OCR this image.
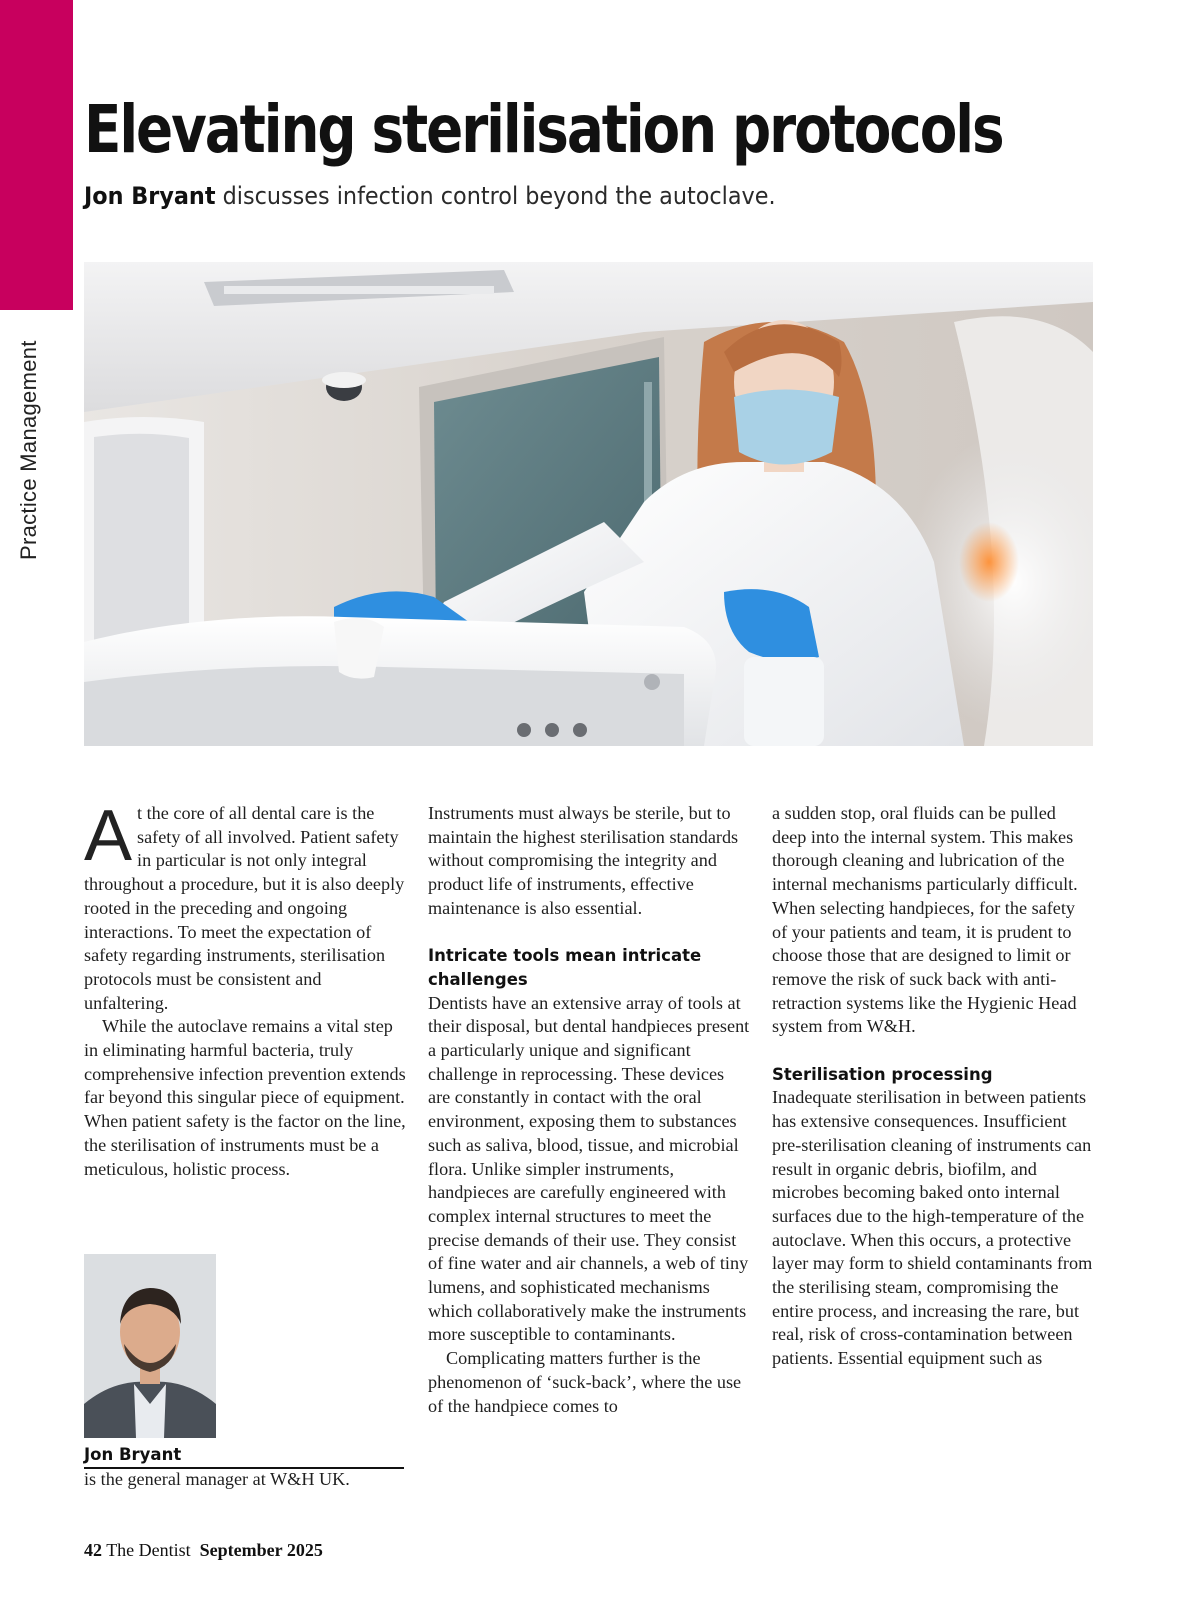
Practice Management
Elevating sterilisation protocols
Jon Bryant discusses infection control beyond the autoclave.

At the core of all dental care is the safety of all involved. Patient safety in particular is not only integral throughout a procedure, but it is also deeply rooted in the preceding and ongoing interactions. To meet the expectation of safety regarding instruments, sterilisation protocols must be consistent and unfaltering.

While the autoclave remains a vital step in eliminating harmful bacteria, truly comprehensive infection prevention extends far beyond this singular piece of equipment. When patient safety is the factor on the line, the sterilisation of instruments must be a meticulous, holistic process.

Instruments must always be sterile, but to maintain the highest sterilisation standards without compromising the integrity and product life of instruments, effective maintenance is also essential.

Intricate tools mean intricate challenges

Dentists have an extensive array of tools at their disposal, but dental handpieces present a particularly unique and significant challenge in reprocessing. These devices are constantly in contact with the oral environment, exposing them to substances such as saliva, blood, tissue, and microbial flora. Unlike simpler instruments, handpieces are carefully engineered with complex internal structures to meet the precise demands of their use. They consist of fine water and air channels, a web of tiny lumens, and sophisticated mechanisms which collaboratively make the instruments more susceptible to contaminants.

Complicating matters further is the phenomenon of ‘suck-back’, where the use of the handpiece comes to

a sudden stop, oral fluids can be pulled deep into the internal system. This makes thorough cleaning and lubrication of the internal mechanisms particularly difficult. When selecting handpieces, for the safety of your patients and team, it is prudent to choose those that are designed to limit or remove the risk of suck back with anti-retraction systems like the Hygienic Head system from W&H.

Sterilisation processing

Inadequate sterilisation in between patients has extensive consequences. Insufficient pre-sterilisation cleaning of instruments can result in organic debris, biofilm, and microbes becoming baked onto internal surfaces due to the high-temperature of the autoclave. When this occurs, a protective layer may form to shield contaminants from the sterilising steam, compromising the entire process, and increasing the rare, but real, risk of cross-contamination between patients. Essential equipment such as

Jon Bryant
is the general manager at W&H UK.
42 The Dentist September 2025
